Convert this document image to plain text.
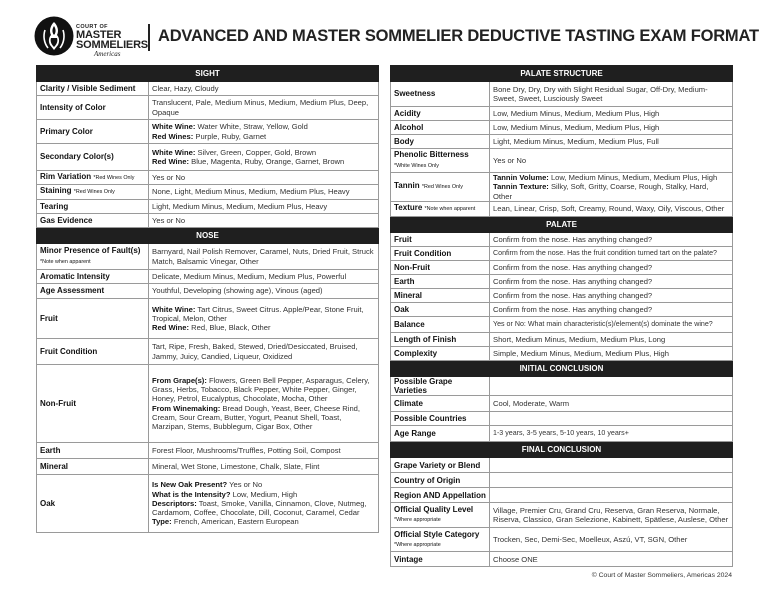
COURT OF
MASTER
SOMMELIERS
Americas
ADVANCED AND MASTER SOMMELIER DEDUCTIVE TASTING EXAM FORMAT
SIGHT	
Clarity / Visible Sediment	Clear, Hazy, Cloudy
Intensity of Color	Translucent, Pale, Medium Minus, Medium, Medium Plus, Deep, Opaque
Primary Color	White Wine: Water White, Straw, Yellow, Gold
Red Wines: Purple, Ruby, Garnet
Secondary Color(s)	White Wine: Silver, Green, Copper, Gold, Brown
Red Wine: Blue, Magenta, Ruby, Orange, Garnet, Brown
Rim Variation *Red Wines Only	Yes or No
Staining *Red Wines Only	None, Light, Medium Minus, Medium, Medium Plus, Heavy
Tearing	Light, Medium Minus, Medium, Medium Plus, Heavy
Gas Evidence	Yes or No
NOSE	
Minor Presence of Fault(s)
*Note when apparent	Barnyard, Nail Polish Remover, Caramel, Nuts, Dried Fruit, Struck Match, Balsamic Vinegar, Other
Aromatic Intensity	Delicate, Medium Minus, Medium, Medium Plus, Powerful
Age Assessment	Youthful, Developing (showing age), Vinous (aged)
Fruit	White Wine: Tart Citrus, Sweet Citrus. Apple/Pear, Stone Fruit, Tropical, Melon, Other
Red Wine: Red, Blue, Black, Other
Fruit Condition	Tart, Ripe, Fresh, Baked, Stewed, Dried/Desiccated, Bruised, Jammy, Juicy, Candied, Liqueur, Oxidized
Non-Fruit	From Grape(s): Flowers, Green Bell Pepper, Asparagus, Celery, Grass, Herbs, Tobacco, Black Pepper, White Pepper, Ginger, Honey, Petrol, Eucalyptus, Chocolate, Mocha, Other
From Winemaking: Bread Dough, Yeast, Beer, Cheese Rind, Cream, Sour Cream, Butter, Yogurt, Peanut Shell, Toast, Marzipan, Stems, Bubblegum, Cigar Box, Other
Earth	Forest Floor, Mushrooms/Truffles, Potting Soil, Compost
Mineral	Mineral, Wet Stone, Limestone, Chalk, Slate, Flint
Oak	Is New Oak Present? Yes or No
What is the Intensity? Low, Medium, High
Descriptors: Toast, Smoke, Vanilla, Cinnamon, Clove, Nutmeg, Cardamom, Coffee, Chocolate, Dill, Coconut, Caramel, Cedar
Type: French, American, Eastern European
PALATE STRUCTURE	
Sweetness	Bone Dry, Dry, Dry with Slight Residual Sugar, Off-Dry, Medium-Sweet, Sweet, Lusciously Sweet
Acidity	Low, Medium Minus, Medium, Medium Plus, High
Alcohol	Low, Medium Minus, Medium, Medium Plus, High
Body	Light, Medium Minus, Medium, Medium Plus, Full
Phenolic Bitterness
*White Wines Only	Yes or No
Tannin *Red Wines Only	Tannin Volume: Low, Medium Minus, Medium, Medium Plus, High
Tannin Texture: Silky, Soft, Gritty, Coarse, Rough, Stalky, Hard, Other
Texture *Note when apparent	Lean, Linear, Crisp, Soft, Creamy, Round, Waxy, Oily, Viscous, Other
PALATE	
Fruit	Confirm from the nose. Has anything changed?
Fruit Condition	Confirm from the nose. Has the fruit condition turned tart on the palate?
Non-Fruit	Confirm from the nose. Has anything changed?
Earth	Confirm from the nose. Has anything changed?
Mineral	Confirm from the nose. Has anything changed?
Oak	Confirm from the nose. Has anything changed?
Balance	Yes or No: What main characteristic(s)/element(s) dominate the wine?
Length of Finish	Short, Medium Minus, Medium, Medium Plus, Long
Complexity	Simple, Medium Minus, Medium, Medium Plus, High
INITIAL CONCLUSION	
Possible Grape Varieties	
Climate	Cool, Moderate, Warm
Possible Countries	
Age Range	1-3 years, 3-5 years, 5-10 years, 10 years+
FINAL CONCLUSION	
Grape Variety or Blend	
Country of Origin	
Region AND Appellation	
Official Quality Level
*Where appropriate	Village, Premier Cru, Grand Cru, Reserva, Gran Reserva, Normale, Riserva, Classico, Gran Selezione, Kabinett, Spätlese, Auslese, Other
Official Style Category
*Where appropriate	Trocken, Sec, Demi-Sec, Moelleux, Aszú, VT, SGN, Other
Vintage	Choose ONE
© Court of Master Sommeliers, Americas 2024
